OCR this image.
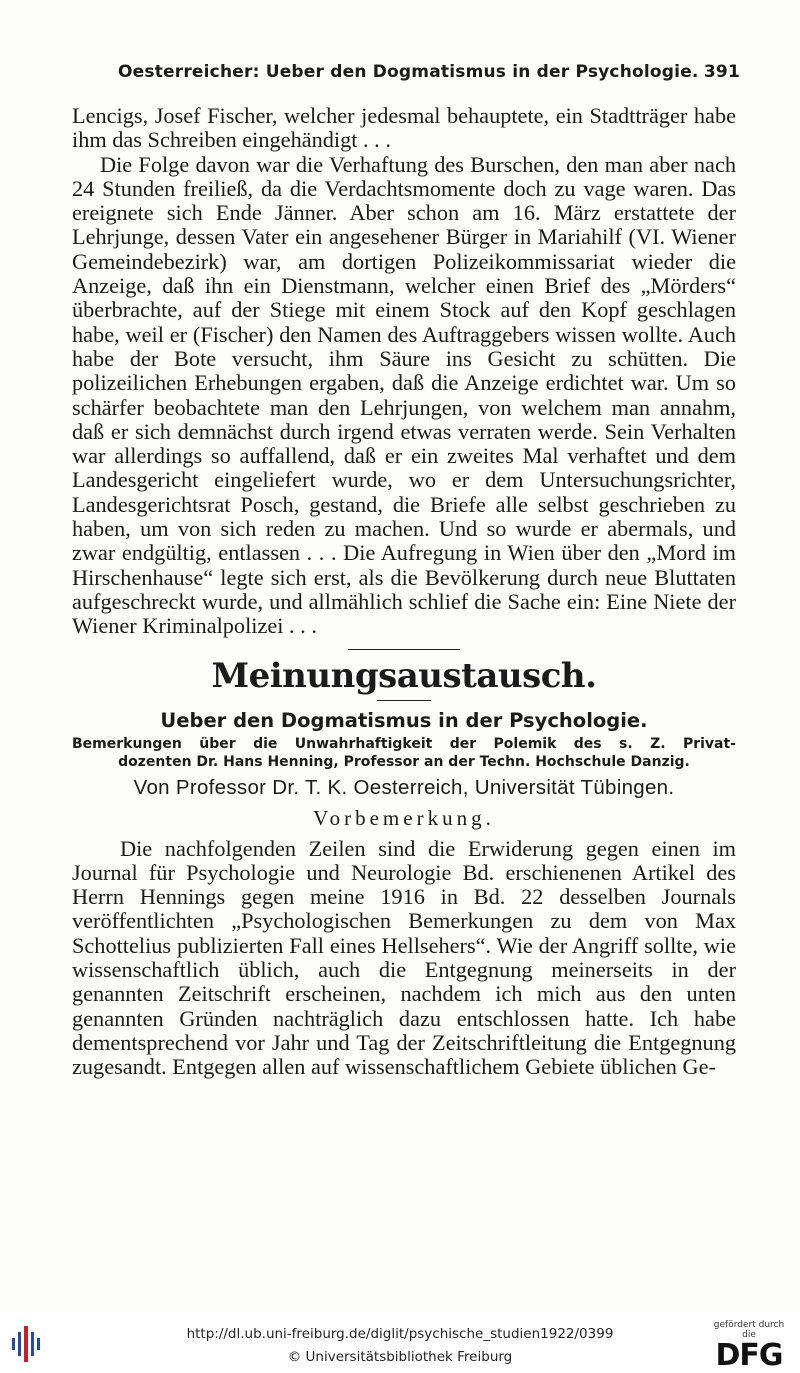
Oesterreicher: Ueber den Dogmatismus in der Psychologie. 391

Lencigs, Josef Fischer, welcher jedesmal behauptete, ein Stadtträger habe ihm das Schreiben eingehändigt . . .

Die Folge davon war die Verhaftung des Burschen, den man aber nach 24 Stunden freiließ, da die Verdachtsmomente doch zu vage waren. Das ereignete sich Ende Jänner. Aber schon am 16. März erstattete der Lehrjunge, dessen Vater ein angesehener Bürger in Mariahilf (VI. Wiener Gemeindebezirk) war, am dortigen Polizeikommissariat wieder die Anzeige, daß ihn ein Dienstmann, welcher einen Brief des „Mörders“ überbrachte, auf der Stiege mit einem Stock auf den Kopf geschlagen habe, weil er (Fischer) den Namen des Auftraggebers wissen wollte. Auch habe der Bote versucht, ihm Säure ins Gesicht zu schütten. Die polizeilichen Erhebungen ergaben, daß die Anzeige erdichtet war. Um so schärfer beobachtete man den Lehrjungen, von welchem man annahm, daß er sich demnächst durch irgend etwas verraten werde. Sein Verhalten war allerdings so auffallend, daß er ein zweites Mal verhaftet und dem Landesgericht eingeliefert wurde, wo er dem Untersuchungsrichter, Landesgerichtsrat Posch, gestand, die Briefe alle selbst geschrieben zu haben, um von sich reden zu machen. Und so wurde er abermals, und zwar endgültig, entlassen . . . Die Aufregung in Wien über den „Mord im Hirschenhause“ legte sich erst, als die Bevölkerung durch neue Bluttaten aufgeschreckt wurde, und allmählich schlief die Sache ein: Eine Niete der Wiener Kriminalpolizei . . .

Meinungsaustausch.
Ueber den Dogmatismus in der Psychologie.
Bemerkungen über die Unwahrhaftigkeit der Polemik des s. Z. Privat-
dozenten Dr. Hans Henning, Professor an der Techn. Hochschule Danzig.
Von Professor Dr. T. K. Oesterreich, Universität Tübingen.
Vorbemerkung.

Die nachfolgenden Zeilen sind die Erwiderung gegen einen im Journal für Psychologie und Neurologie Bd. erschienenen Artikel des Herrn Hennings gegen meine 1916 in Bd. 22 desselben Journals veröffentlichten „Psychologischen Bemerkungen zu dem von Max Schottelius publizierten Fall eines Hellsehers“. Wie der Angriff sollte, wie wissenschaftlich üblich, auch die Entgegnung meinerseits in der genannten Zeitschrift erscheinen, nachdem ich mich aus den unten genannten Gründen nachträglich dazu entschlossen hatte. Ich habe dementsprechend vor Jahr und Tag der Zeitschriftleitung die Entgegnung zugesandt. Entgegen allen auf wissenschaftlichem Gebiete üblichen Ge-

http://dl.ub.uni-freiburg.de/diglit/psychische_studien1922/0399
© Universitätsbibliothek Freiburg
gefördert durch die
DFG
